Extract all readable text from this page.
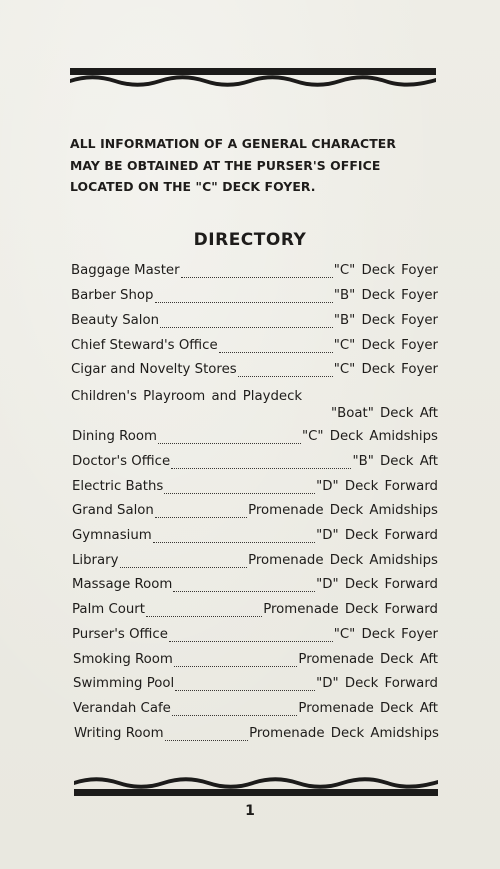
ALL INFORMATION OF A GENERAL CHARACTER
MAY BE OBTAINED AT THE PURSER'S OFFICE
LOCATED ON THE "C" DECK FOYER.
DIRECTORY
Baggage Master	"C" Deck Foyer
Barber Shop	"B" Deck Foyer
Beauty Salon	"B" Deck Foyer
Chief Steward's Office	"C" Deck Foyer
Cigar and Novelty Stores	"C" Deck Foyer
Children's Playroom and Playdeck
"Boat" Deck Aft
Dining Room	"C" Deck Amidships
Doctor's Office	"B" Deck Aft
Electric Baths	"D" Deck Forward
Grand Salon	Promenade Deck Amidships
Gymnasium	"D" Deck Forward
Library	Promenade Deck Amidships
Massage Room	"D" Deck Forward
Palm Court	Promenade Deck Forward
Purser's Office	"C" Deck Foyer
Smoking Room	Promenade Deck Aft
Swimming Pool	"D" Deck Forward
Verandah Cafe	Promenade Deck Aft
Writing Room	Promenade Deck Amidships
1
